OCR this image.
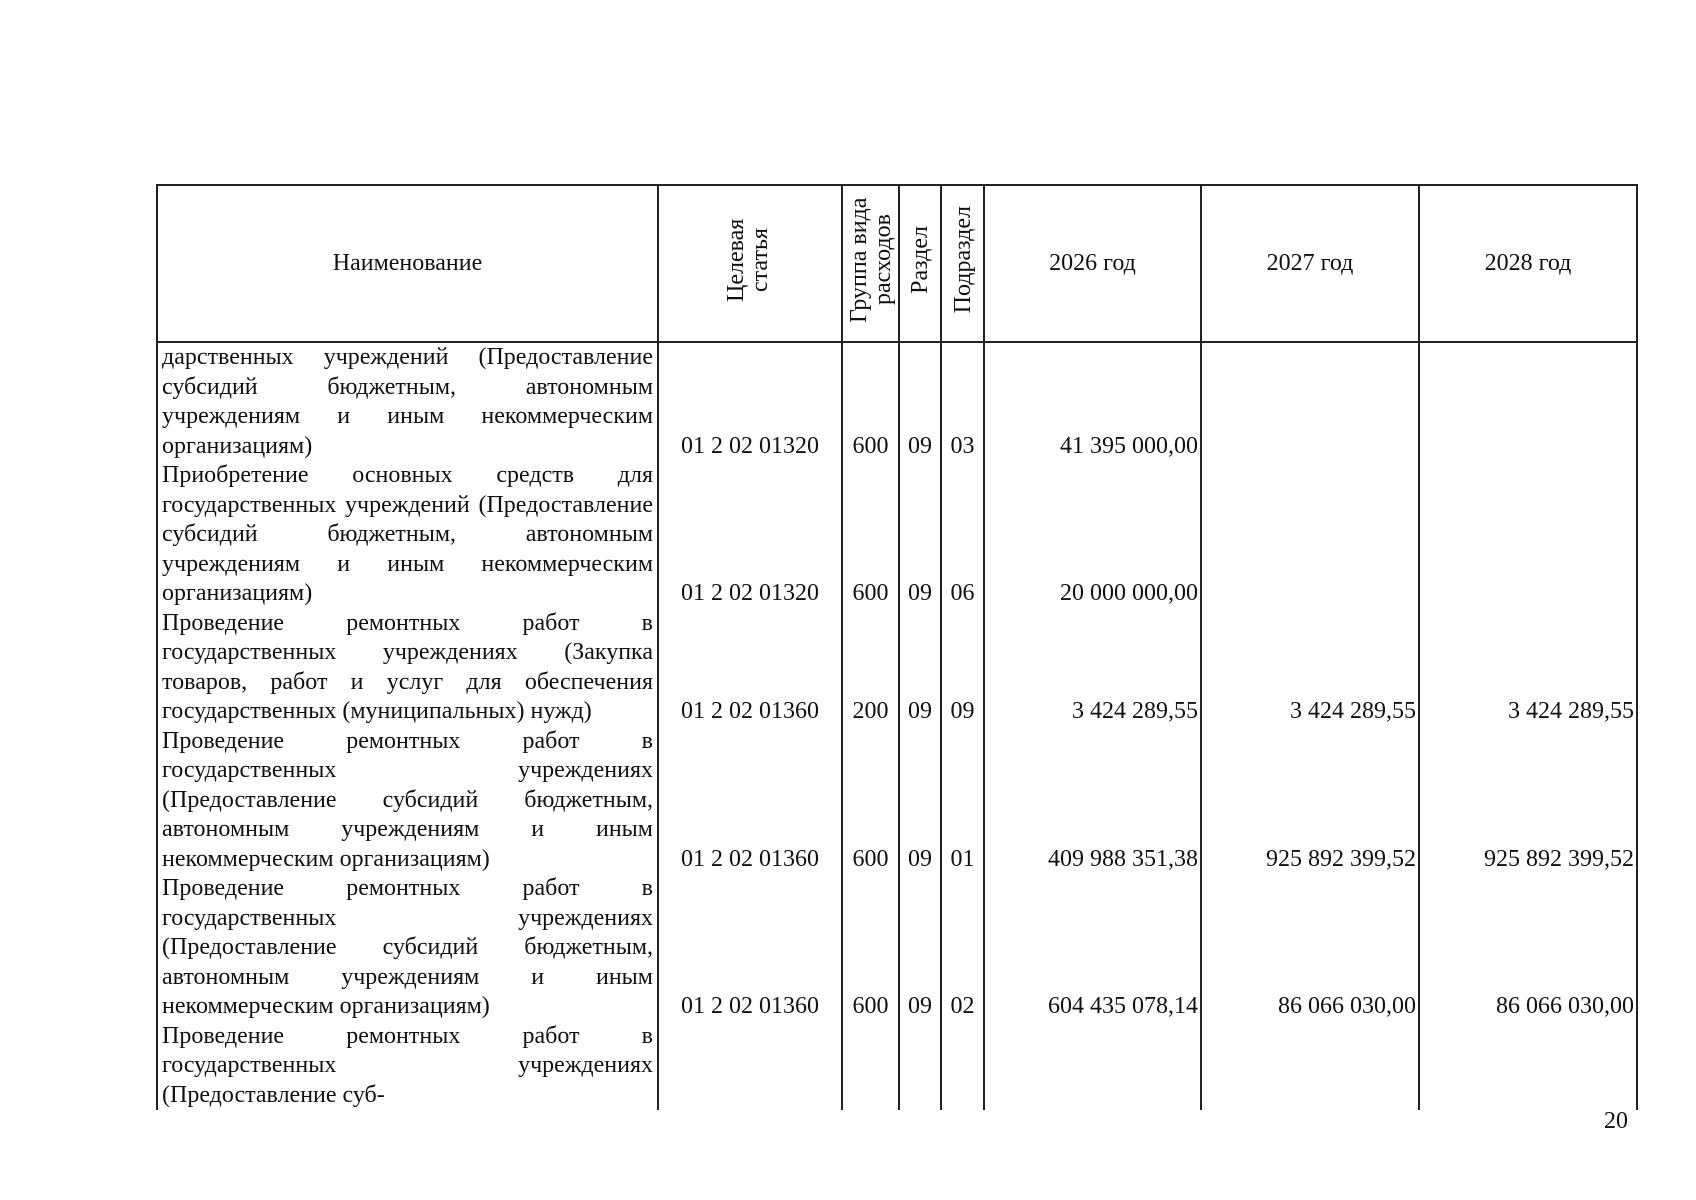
Наименование	Целевая статья	Группа вида расходов	Раздел	Подраздел	2026 год	2027 год	2028 год
дарственных учреждений (Предоставление субсидий бюджетным, автономным учреждениям и иным некоммерческим организациям)	01 2 02 01320	600	09	03	41 395 000,00		
Приобретение основных средств для государственных учреждений (Предоставление субсидий бюджетным, автономным учреждениям и иным некоммерческим организациям)	01 2 02 01320	600	09	06	20 000 000,00		
Проведение ремонтных работ в государственных учреждениях (Закупка товаров, работ и услуг для обеспечения государственных (муниципальных) нужд)	01 2 02 01360	200	09	09	3 424 289,55	3 424 289,55	3 424 289,55
Проведение ремонтных работ в государственных учреждениях (Предоставление субсидий бюджетным, автономным учреждениям и иным некоммерческим организациям)	01 2 02 01360	600	09	01	409 988 351,38	925 892 399,52	925 892 399,52
Проведение ремонтных работ в государственных учреждениях (Предоставление субсидий бюджетным, автономным учреждениям и иным некоммерческим организациям)	01 2 02 01360	600	09	02	604 435 078,14	86 066 030,00	86 066 030,00
Проведение ремонтных работ в государственных учреждениях (Предоставление суб-							
20
